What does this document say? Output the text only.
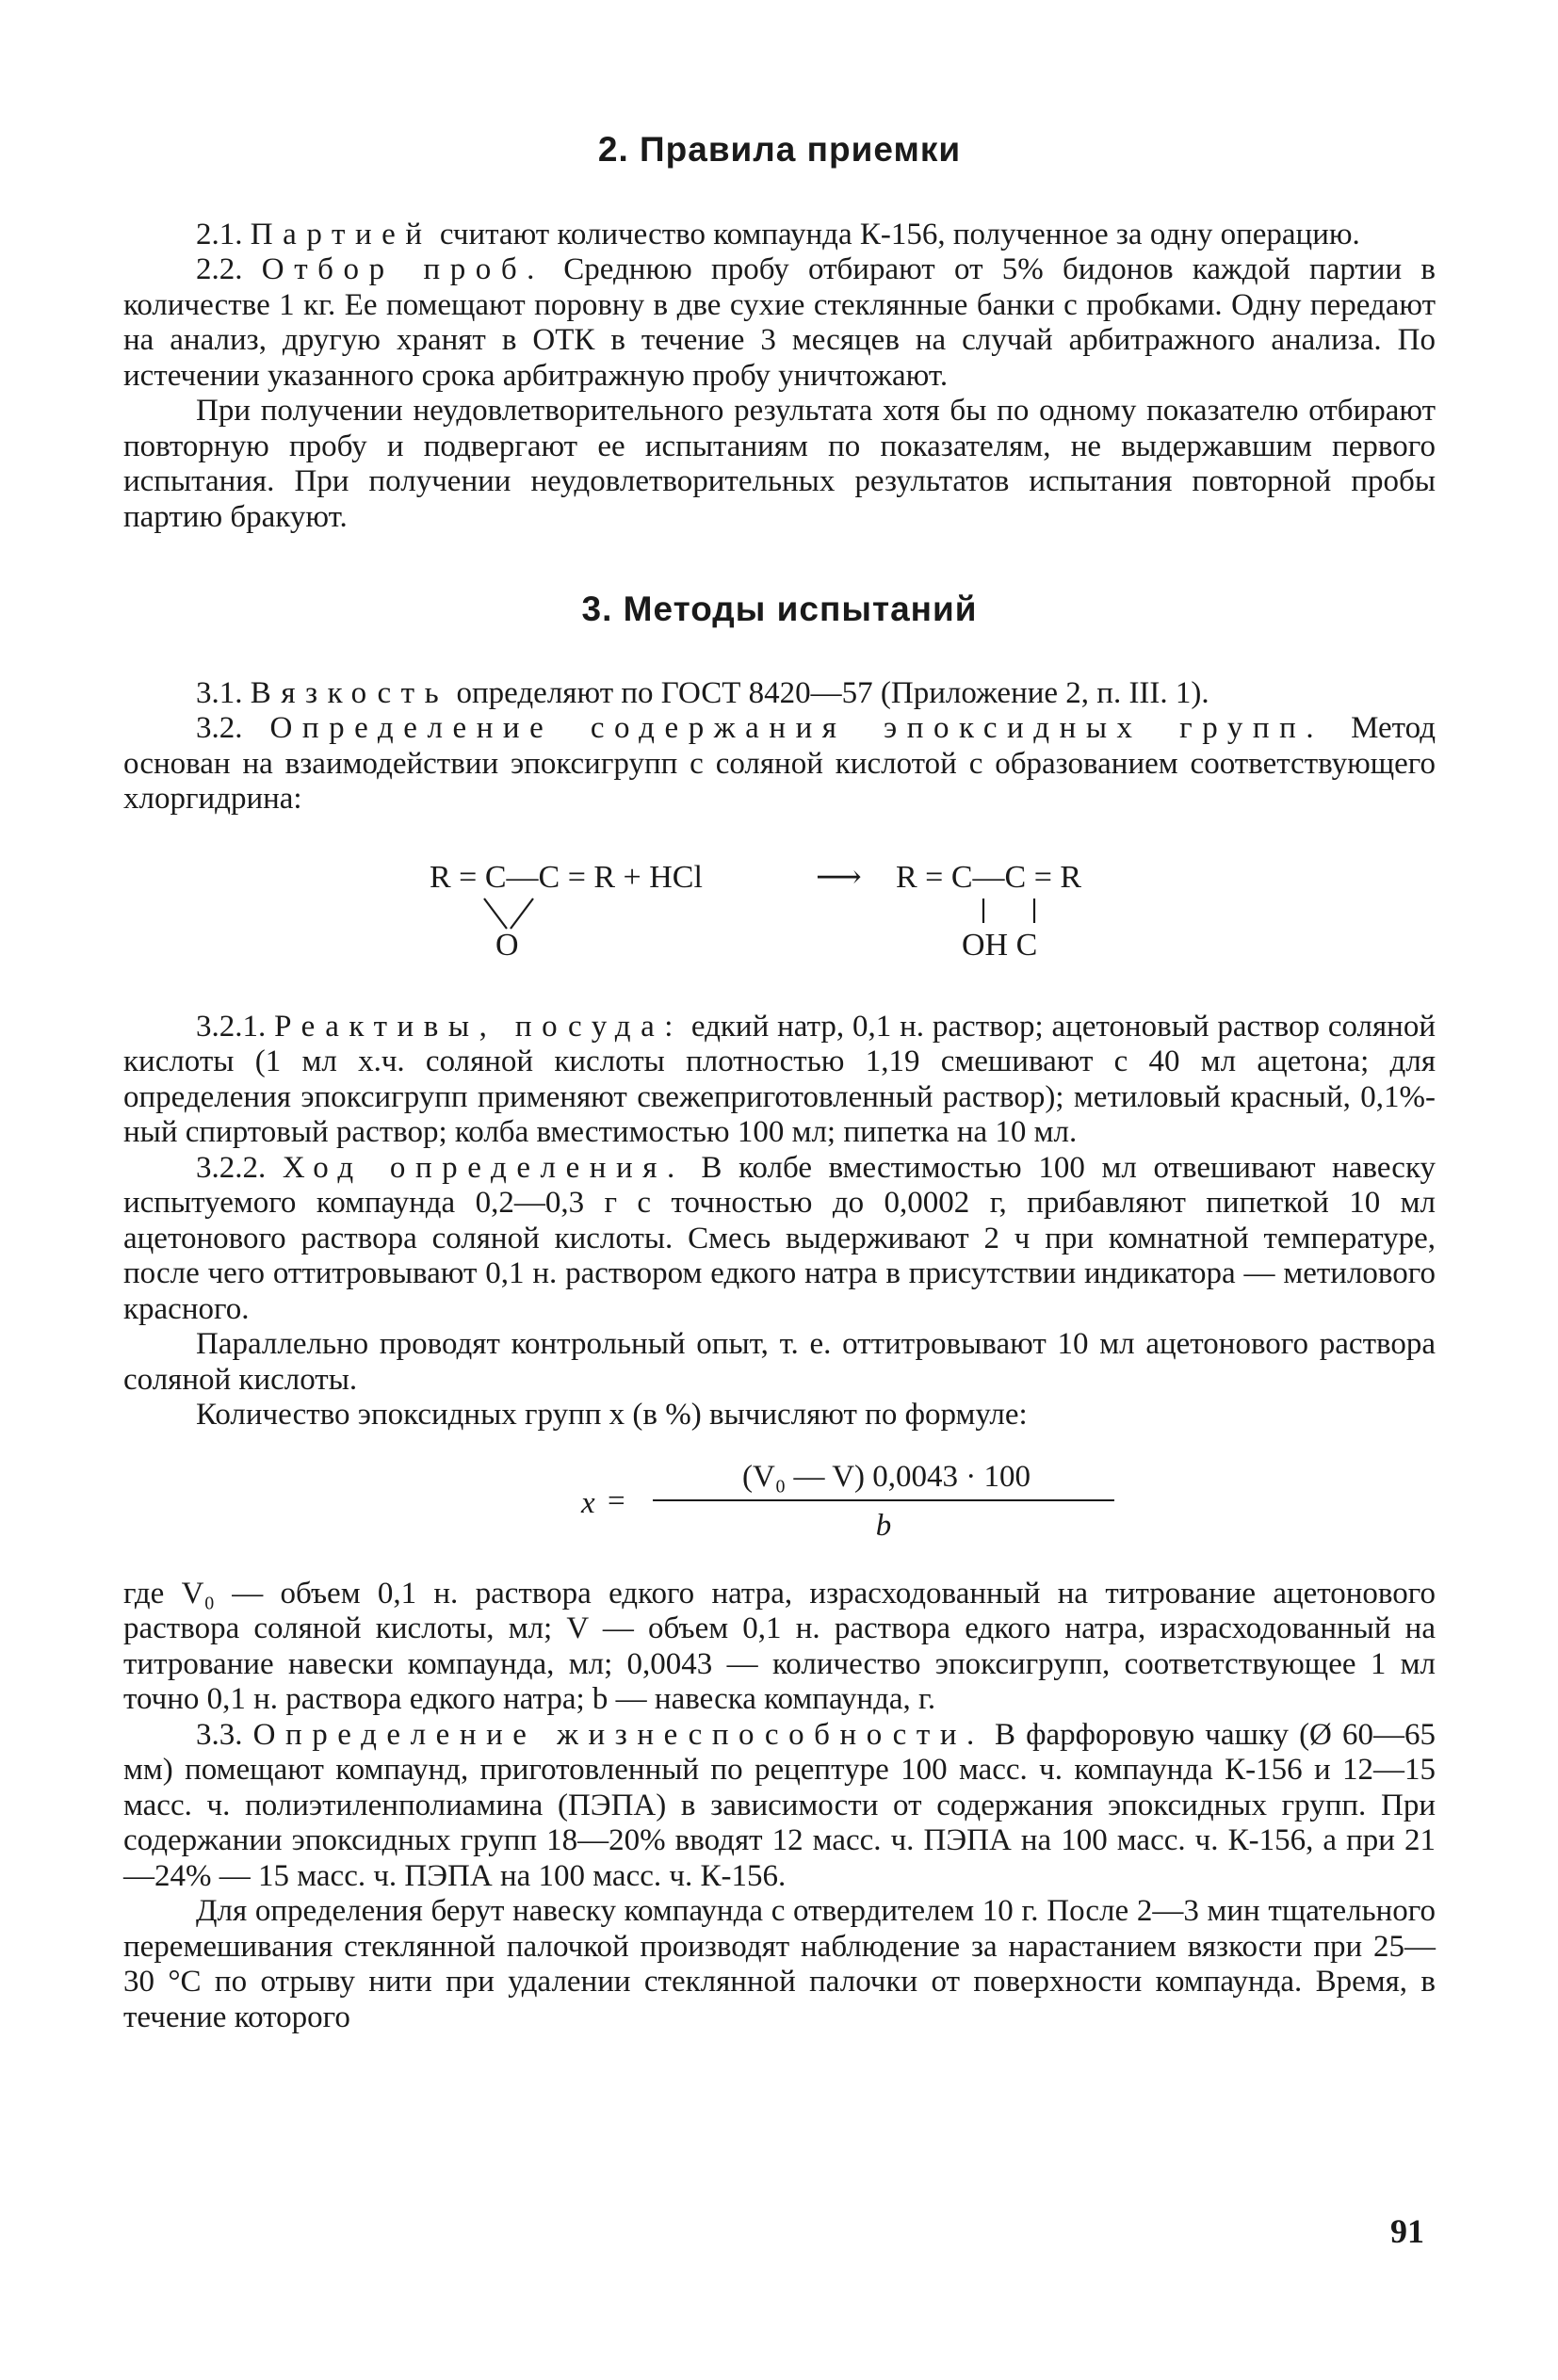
2. Правила приемки

2.1. Партией считают количество компаунда К-156, полученное за одну операцию.

2.2. Отбор проб. Среднюю пробу отбирают от 5% бидонов каждой партии в количестве 1 кг. Ее помещают поровну в две сухие стеклянные банки с пробками. Одну передают на анализ, другую хранят в ОТК в течение 3 месяцев на случай арбитражного анализа. По истечении указанного срока арбитражную пробу уничтожают.

При получении неудовлетворительного результата хотя бы по одному показателю отбирают повторную пробу и подвергают ее испытаниям по показателям, не выдержавшим первого испытания. При получении неудовлетворительных результатов испытания повторной пробы партию бракуют.

3. Методы испытаний

3.1. Вязкость определяют по ГОСТ 8420—57 (Приложение 2, п. III. 1).

3.2. Определение содержания эпоксидных групп. Метод основан на взаимодействии эпоксигрупп с соляной кислотой с образованием соответствующего хлоргидрина:

R = C—C = R + HCl	⟶ R = C—C = R
O	OH C

3.2.1. Реактивы, посуда: едкий натр, 0,1 н. раствор; ацетоновый раствор соляной кислоты (1 мл х.ч. соляной кислоты плотностью 1,19 смешивают с 40 мл ацетона; для определения эпоксигрупп применяют свежеприготовленный раствор); метиловый красный, 0,1%-ный спиртовый раствор; колба вместимостью 100 мл; пипетка на 10 мл.

3.2.2. Ход определения. В колбе вместимостью 100 мл отвешивают навеску испытуемого компаунда 0,2—0,3 г с точностью до 0,0002 г, прибавляют пипеткой 10 мл ацетонового раствора соляной кислоты. Смесь выдерживают 2 ч при комнатной температуре, после чего оттитровывают 0,1 н. раствором едкого натра в присутствии индикатора — метилового красного.

Параллельно проводят контрольный опыт, т. е. оттитровывают 10 мл ацетонового раствора соляной кислоты.

Количество эпоксидных групп x (в %) вычисляют по формуле:

x =
(V₀ — V) 0,0043 · 100
b

где V₀ — объем 0,1 н. раствора едкого натра, израсходованный на титрование ацетонового раствора соляной кислоты, мл; V — объем 0,1 н. раствора едкого натра, израсходованный на титрование навески компаунда, мл; 0,0043 — количество эпоксигрупп, соответствующее 1 мл точно 0,1 н. раствора едкого натра; b — навеска компаунда, г.

3.3. Определение жизнеспособности. В фарфоровую чашку (Ø 60—65 мм) помещают компаунд, приготовленный по рецептуре 100 масс. ч. компаунда К-156 и 12—15 масс. ч. полиэтиленполиамина (ПЭПА) в зависимости от содержания эпоксидных групп. При содержании эпоксидных групп 18—20% вводят 12 масс. ч. ПЭПА на 100 масс. ч. К-156, а при 21—24% — 15 масс. ч. ПЭПА на 100 масс. ч. К-156.

Для определения берут навеску компаунда с отвердителем 10 г. После 2—3 мин тщательного перемешивания стеклянной палочкой производят наблюдение за нарастанием вязкости при 25—30 °С по отрыву нити при удалении стеклянной палочки от поверхности компаунда. Время, в течение которого

91
